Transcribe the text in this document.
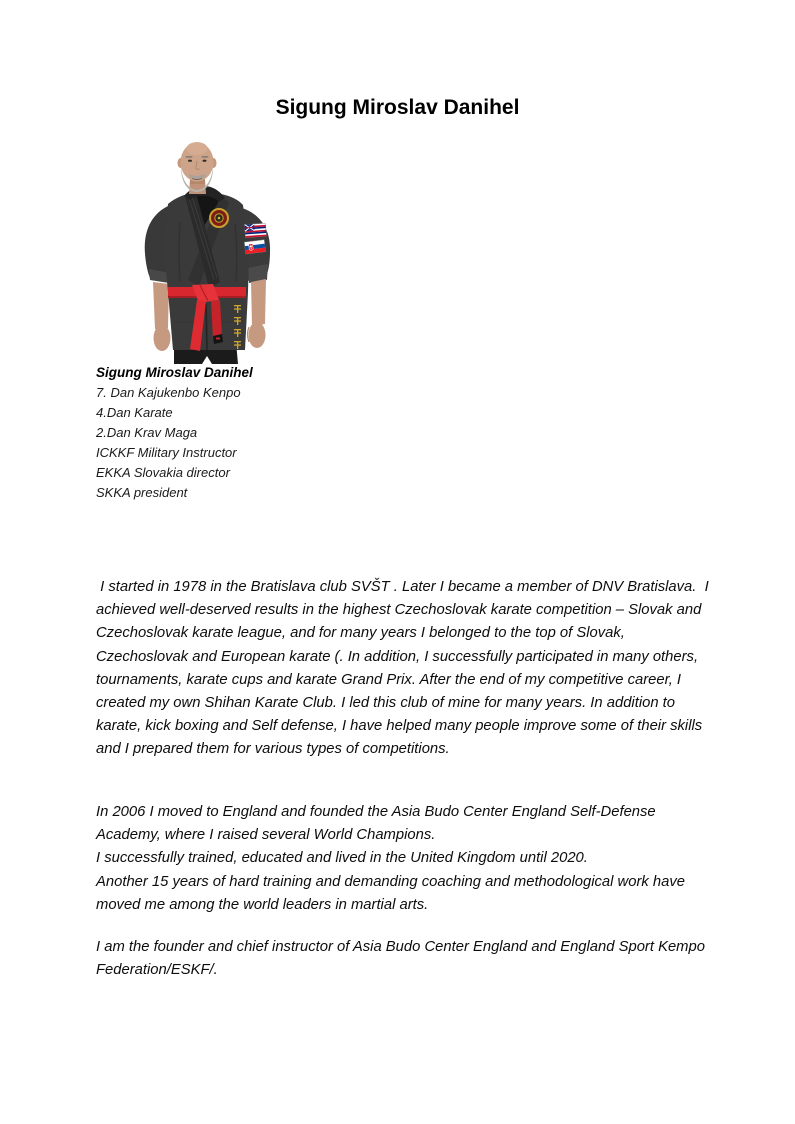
Sigung Miroslav Danihel
Sigung Miroslav Danihel
7. Dan Kajukenbo Kenpo
4.Dan Karate
2.Dan Krav Maga
ICKKF Military Instructor
EKKA Slovakia director
SKKA president
I started in 1978 in the Bratislava club SVŠT . Later I became a member of DNV Bratislava.  I achieved well-deserved results in the highest Czechoslovak karate competition – Slovak and Czechoslovak karate league, and for many years I belonged to the top of Slovak, Czechoslovak and European karate (. In addition, I successfully participated in many others, tournaments, karate cups and karate Grand Prix. After the end of my competitive career, I created my own Shihan Karate Club. I led this club of mine for many years. In addition to karate, kick boxing and Self defense, I have helped many people improve some of their skills and I prepared them for various types of competitions.
In 2006 I moved to England and founded the Asia Budo Center England Self-Defense Academy, where I raised several World Champions.
I successfully trained, educated and lived in the United Kingdom until 2020.
Another 15 years of hard training and demanding coaching and methodological work have moved me among the world leaders in martial arts.
I am the founder and chief instructor of Asia Budo Center England and England Sport Kempo Federation/ESKF/.
